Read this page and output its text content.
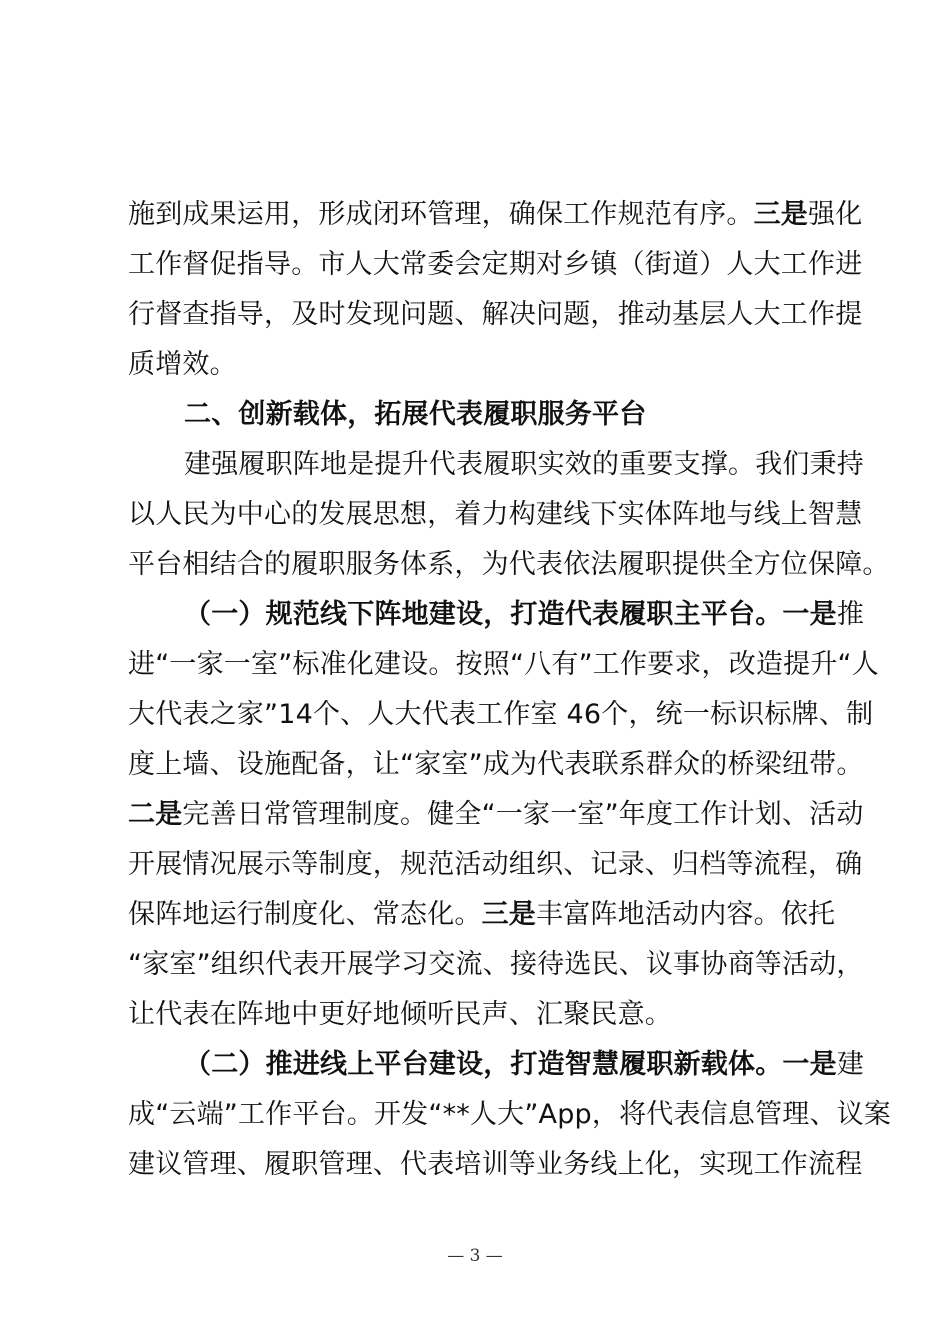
施到成果运用，形成闭环管理，确保工作规范有序。三是强化
工作督促指导。市人大常委会定期对乡镇（街道）人大工作进
行督查指导，及时发现问题、解决问题，推动基层人大工作提
质增效。
二、创新载体，拓展代表履职服务平台
建强履职阵地是提升代表履职实效的重要支撑。我们秉持
以人民为中心的发展思想，着力构建线下实体阵地与线上智慧
平台相结合的履职服务体系，为代表依法履职提供全方位保障。
（一）规范线下阵地建设，打造代表履职主平台。一是推
进“一家一室”标准化建设。按照“八有”工作要求，改造提升“人
大代表之家”14个、人大代表工作室 46个，统一标识标牌、制
度上墙、设施配备，让“家室”成为代表联系群众的桥梁纽带。
二是完善日常管理制度。健全“一家一室”年度工作计划、活动
开展情况展示等制度，规范活动组织、记录、归档等流程，确
保阵地运行制度化、常态化。三是丰富阵地活动内容。依托
“家室”组织代表开展学习交流、接待选民、议事协商等活动，
让代表在阵地中更好地倾听民声、汇聚民意。
（二）推进线上平台建设，打造智慧履职新载体。一是建
成“云端”工作平台。开发“**人大”App，将代表信息管理、议案
建议管理、履职管理、代表培训等业务线上化，实现工作流程
— 3 —
